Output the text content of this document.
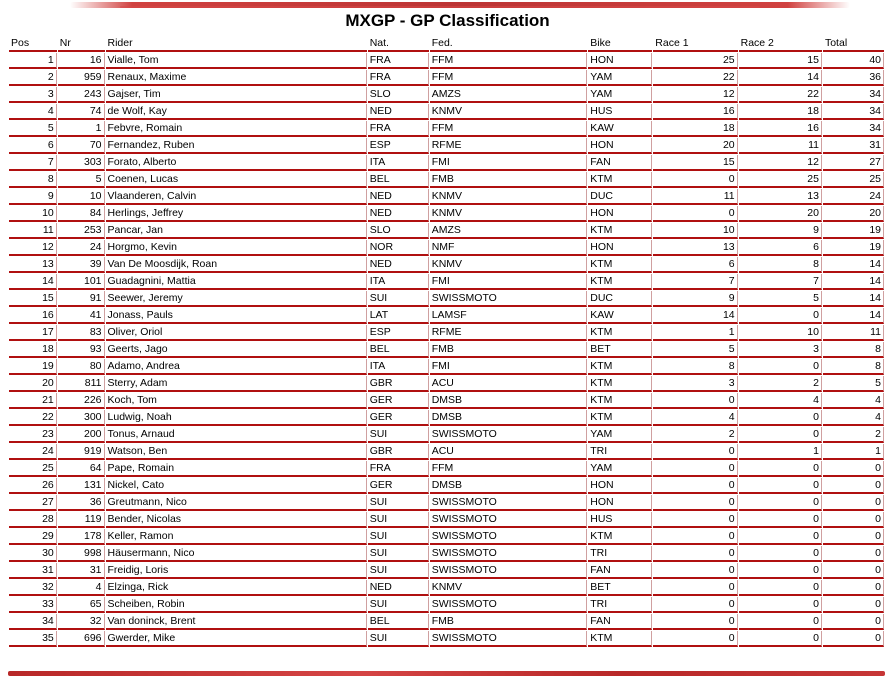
MXGP - GP Classification
Pos	Nr	Rider	Nat.	Fed.	Bike	Race 1	Race 2	Total
1	16	Vialle, Tom	FRA	FFM	HON	25	15	40
2	959	Renaux, Maxime	FRA	FFM	YAM	22	14	36
3	243	Gajser, Tim	SLO	AMZS	YAM	12	22	34
4	74	de Wolf, Kay	NED	KNMV	HUS	16	18	34
5	1	Febvre, Romain	FRA	FFM	KAW	18	16	34
6	70	Fernandez, Ruben	ESP	RFME	HON	20	11	31
7	303	Forato, Alberto	ITA	FMI	FAN	15	12	27
8	5	Coenen, Lucas	BEL	FMB	KTM	0	25	25
9	10	Vlaanderen, Calvin	NED	KNMV	DUC	11	13	24
10	84	Herlings, Jeffrey	NED	KNMV	HON	0	20	20
11	253	Pancar, Jan	SLO	AMZS	KTM	10	9	19
12	24	Horgmo, Kevin	NOR	NMF	HON	13	6	19
13	39	Van De Moosdijk, Roan	NED	KNMV	KTM	6	8	14
14	101	Guadagnini, Mattia	ITA	FMI	KTM	7	7	14
15	91	Seewer, Jeremy	SUI	SWISSMOTO	DUC	9	5	14
16	41	Jonass, Pauls	LAT	LAMSF	KAW	14	0	14
17	83	Oliver, Oriol	ESP	RFME	KTM	1	10	11
18	93	Geerts, Jago	BEL	FMB	BET	5	3	8
19	80	Adamo, Andrea	ITA	FMI	KTM	8	0	8
20	811	Sterry, Adam	GBR	ACU	KTM	3	2	5
21	226	Koch, Tom	GER	DMSB	KTM	0	4	4
22	300	Ludwig, Noah	GER	DMSB	KTM	4	0	4
23	200	Tonus, Arnaud	SUI	SWISSMOTO	YAM	2	0	2
24	919	Watson, Ben	GBR	ACU	TRI	0	1	1
25	64	Pape, Romain	FRA	FFM	YAM	0	0	0
26	131	Nickel, Cato	GER	DMSB	HON	0	0	0
27	36	Greutmann, Nico	SUI	SWISSMOTO	HON	0	0	0
28	119	Bender, Nicolas	SUI	SWISSMOTO	HUS	0	0	0
29	178	Keller, Ramon	SUI	SWISSMOTO	KTM	0	0	0
30	998	Häusermann, Nico	SUI	SWISSMOTO	TRI	0	0	0
31	31	Freidig, Loris	SUI	SWISSMOTO	FAN	0	0	0
32	4	Elzinga, Rick	NED	KNMV	BET	0	0	0
33	65	Scheiben, Robin	SUI	SWISSMOTO	TRI	0	0	0
34	32	Van doninck, Brent	BEL	FMB	FAN	0	0	0
35	696	Gwerder, Mike	SUI	SWISSMOTO	KTM	0	0	0
